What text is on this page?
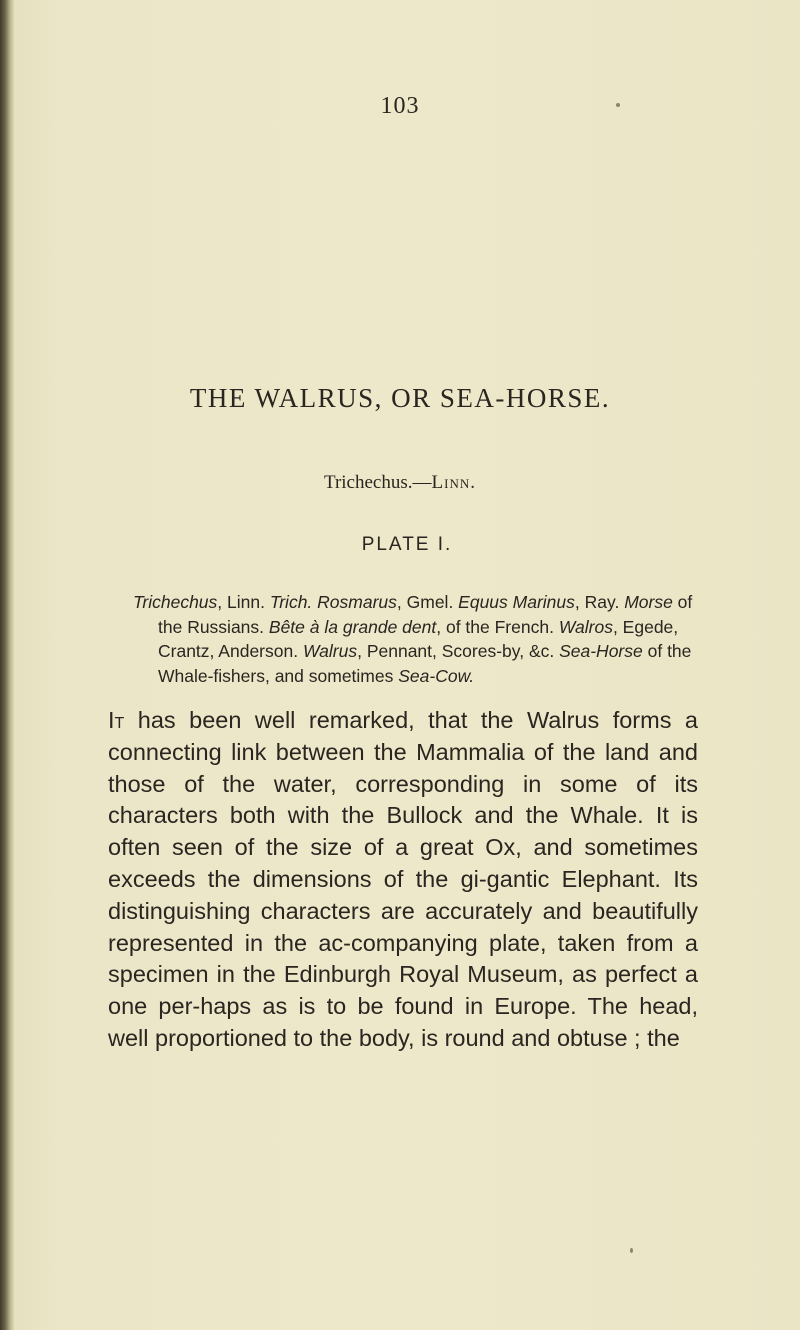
103
THE WALRUS, OR SEA-HORSE.
Trichechus.—Linn.
PLATE I.

Trichechus, Linn. Trich. Rosmarus, Gmel. Equus Marinus, Ray. Morse of the Russians. Bête à la grande dent, of the French. Walros, Egede, Crantz, Anderson. Walrus, Pennant, Scores-by, &c. Sea-Horse of the Whale-fishers, and sometimes Sea-Cow.

It has been well remarked, that the Walrus forms a connecting link between the Mammalia of the land and those of the water, corresponding in some of its characters both with the Bullock and the Whale. It is often seen of the size of a great Ox, and sometimes exceeds the dimensions of the gi-gantic Elephant. Its distinguishing characters are accurately and beautifully represented in the ac-companying plate, taken from a specimen in the Edinburgh Royal Museum, as perfect a one per-haps as is to be found in Europe. The head, well proportioned to the body, is round and obtuse ; the
